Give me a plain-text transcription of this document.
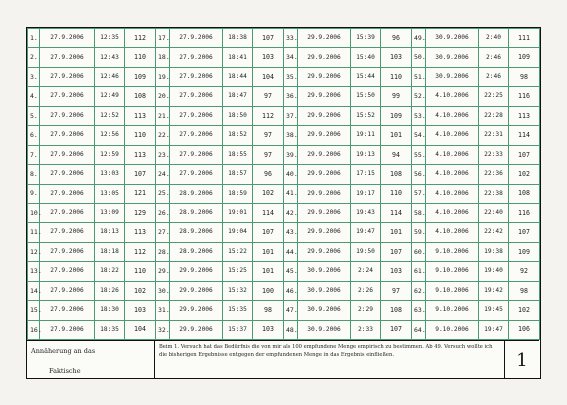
1.	27.9.2006	12:35	112	17.	27.9.2006	18:38	107	33.	29.9.2006	15:39	96	49.	30.9.2006	2:40	111
2.	27.9.2006	12:43	110	18.	27.9.2006	18:41	103	34.	29.9.2006	15:40	103	50.	30.9.2006	2:46	109
3.	27.9.2006	12:46	109	19.	27.9.2006	18:44	104	35.	29.9.2006	15:44	110	51.	30.9.2006	2:46	98
4.	27.9.2006	12:49	108	20.	27.9.2006	18:47	97	36.	29.9.2006	15:50	99	52.	4.10.2006	22:25	116
5.	27.9.2006	12:52	113	21.	27.9.2006	18:50	112	37.	29.9.2006	15:52	109	53.	4.10.2006	22:28	113
6.	27.9.2006	12:56	110	22.	27.9.2006	18:52	97	38.	29.9.2006	19:11	101	54.	4.10.2006	22:31	114
7.	27.9.2006	12:59	113	23.	27.9.2006	18:55	97	39.	29.9.2006	19:13	94	55.	4.10.2006	22:33	107
8.	27.9.2006	13:03	107	24.	27.9.2006	18:57	96	40.	29.9.2006	17:15	108	56.	4.10.2006	22:36	102
9.	27.9.2006	13:05	121	25.	28.9.2006	18:59	102	41.	29.9.2006	19:17	110	57.	4.10.2006	22:38	108
10.	27.9.2006	13:09	129	26.	28.9.2006	19:01	114	42.	29.9.2006	19:43	114	58.	4.10.2006	22:40	116
11.	27.9.2006	18:13	113	27.	28.9.2006	19:04	107	43.	29.9.2006	19:47	101	59.	4.10.2006	22:42	107
12.	27.9.2006	18:18	112	28.	28.9.2006	15:22	101	44.	29.9.2006	19:50	107	60.	9.10.2006	19:38	109
13.	27.9.2006	18:22	110	29.	29.9.2006	15:25	101	45.	30.9.2006	2:24	103	61.	9.10.2006	19:40	92
14.	27.9.2006	18:26	102	30.	29.9.2006	15:32	100	46.	30.9.2006	2:26	97	62.	9.10.2006	19:42	98
15.	27.9.2006	18:30	103	31.	29.9.2006	15:35	98	47.	30.9.2006	2:29	108	63.	9.10.2006	19:45	102
16.	27.9.2006	18:35	104	32.	29.9.2006	15:37	103	48.	30.9.2006	2:33	107	64.	9.10.2006	19:47	106
Annäherung an das
Faktische
Beim 1. Versuch hat das Bedürfnis die von mir als 100 empfundene Menge empirisch zu bestimmen. Ab 49. Versuch wollte ich die bisherigen Ergebnisse entgegen der empfundenen Menge in das Ergebnis einfließen.	1
